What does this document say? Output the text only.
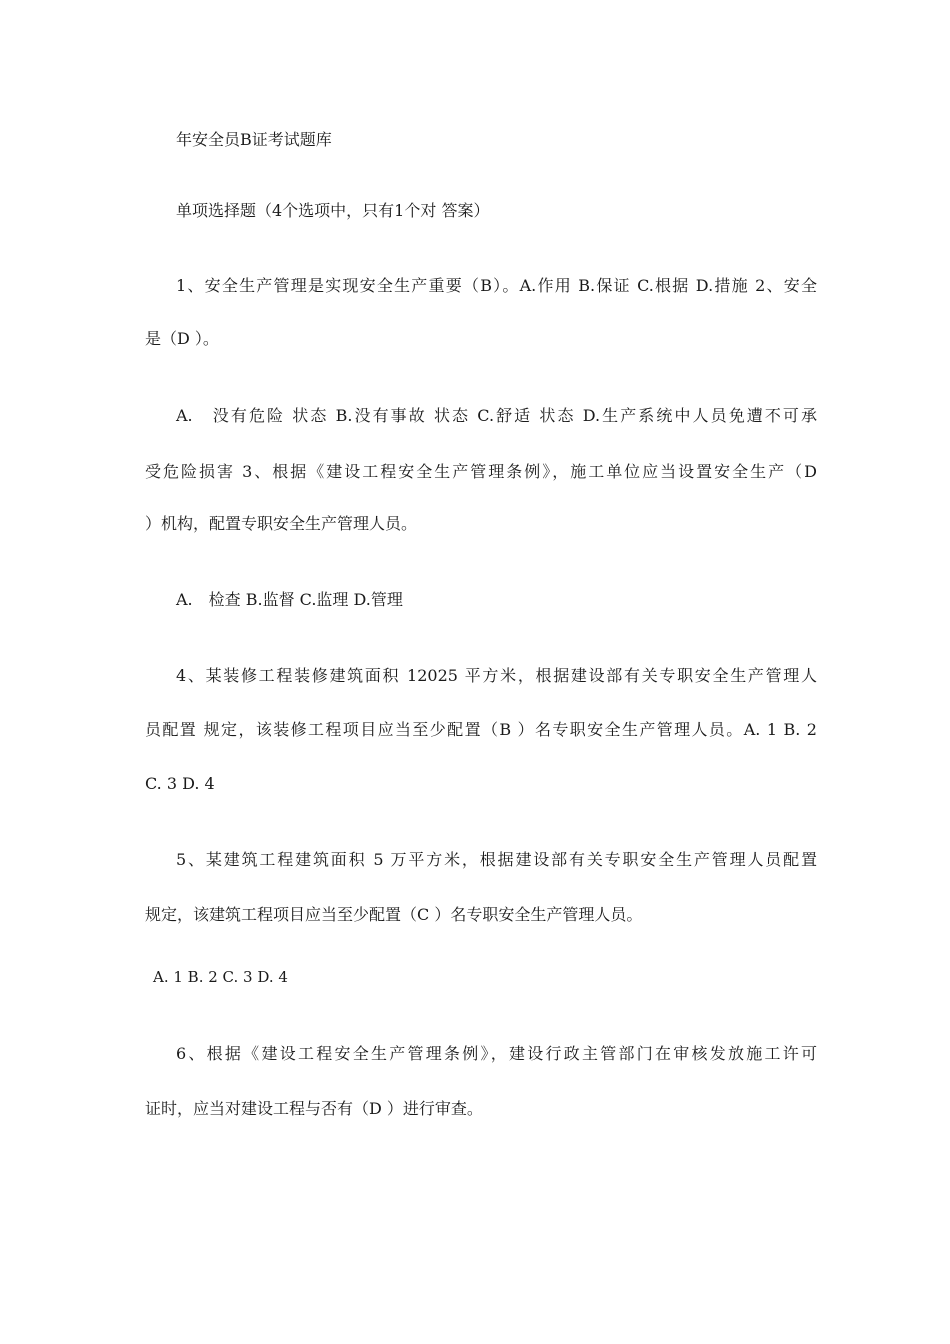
年安全员B证考试题库
单项选择题（4个选项中，只有1个对 答案）
1、安全生产管理是实现安全生产重要（B）。A.作用 B.保证 C.根据 D.措施 2、安全
是（D ）。
A.　没有危险 状态 B.没有事故 状态 C.舒适 状态 D.生产系统中人员免遭不可承
受危险损害 3、根据《建设工程安全生产管理条例》，施工单位应当设置安全生产（D
）机构，配置专职安全生产管理人员。
A.　检查 B.监督 C.监理 D.管理
4、某装修工程装修建筑面积 12025 平方米，根据建设部有关专职安全生产管理人
员配置 规定，该装修工程项目应当至少配置（B ）名专职安全生产管理人员。A. 1 B. 2
C. 3 D. 4
5、某建筑工程建筑面积 5 万平方米，根据建设部有关专职安全生产管理人员配置
规定，该建筑工程项目应当至少配置（C ）名专职安全生产管理人员。
A. 1 B. 2 C. 3 D. 4
6、根据《建设工程安全生产管理条例》，建设行政主管部门在审核发放施工许可
证时，应当对建设工程与否有（D ）进行审查。
